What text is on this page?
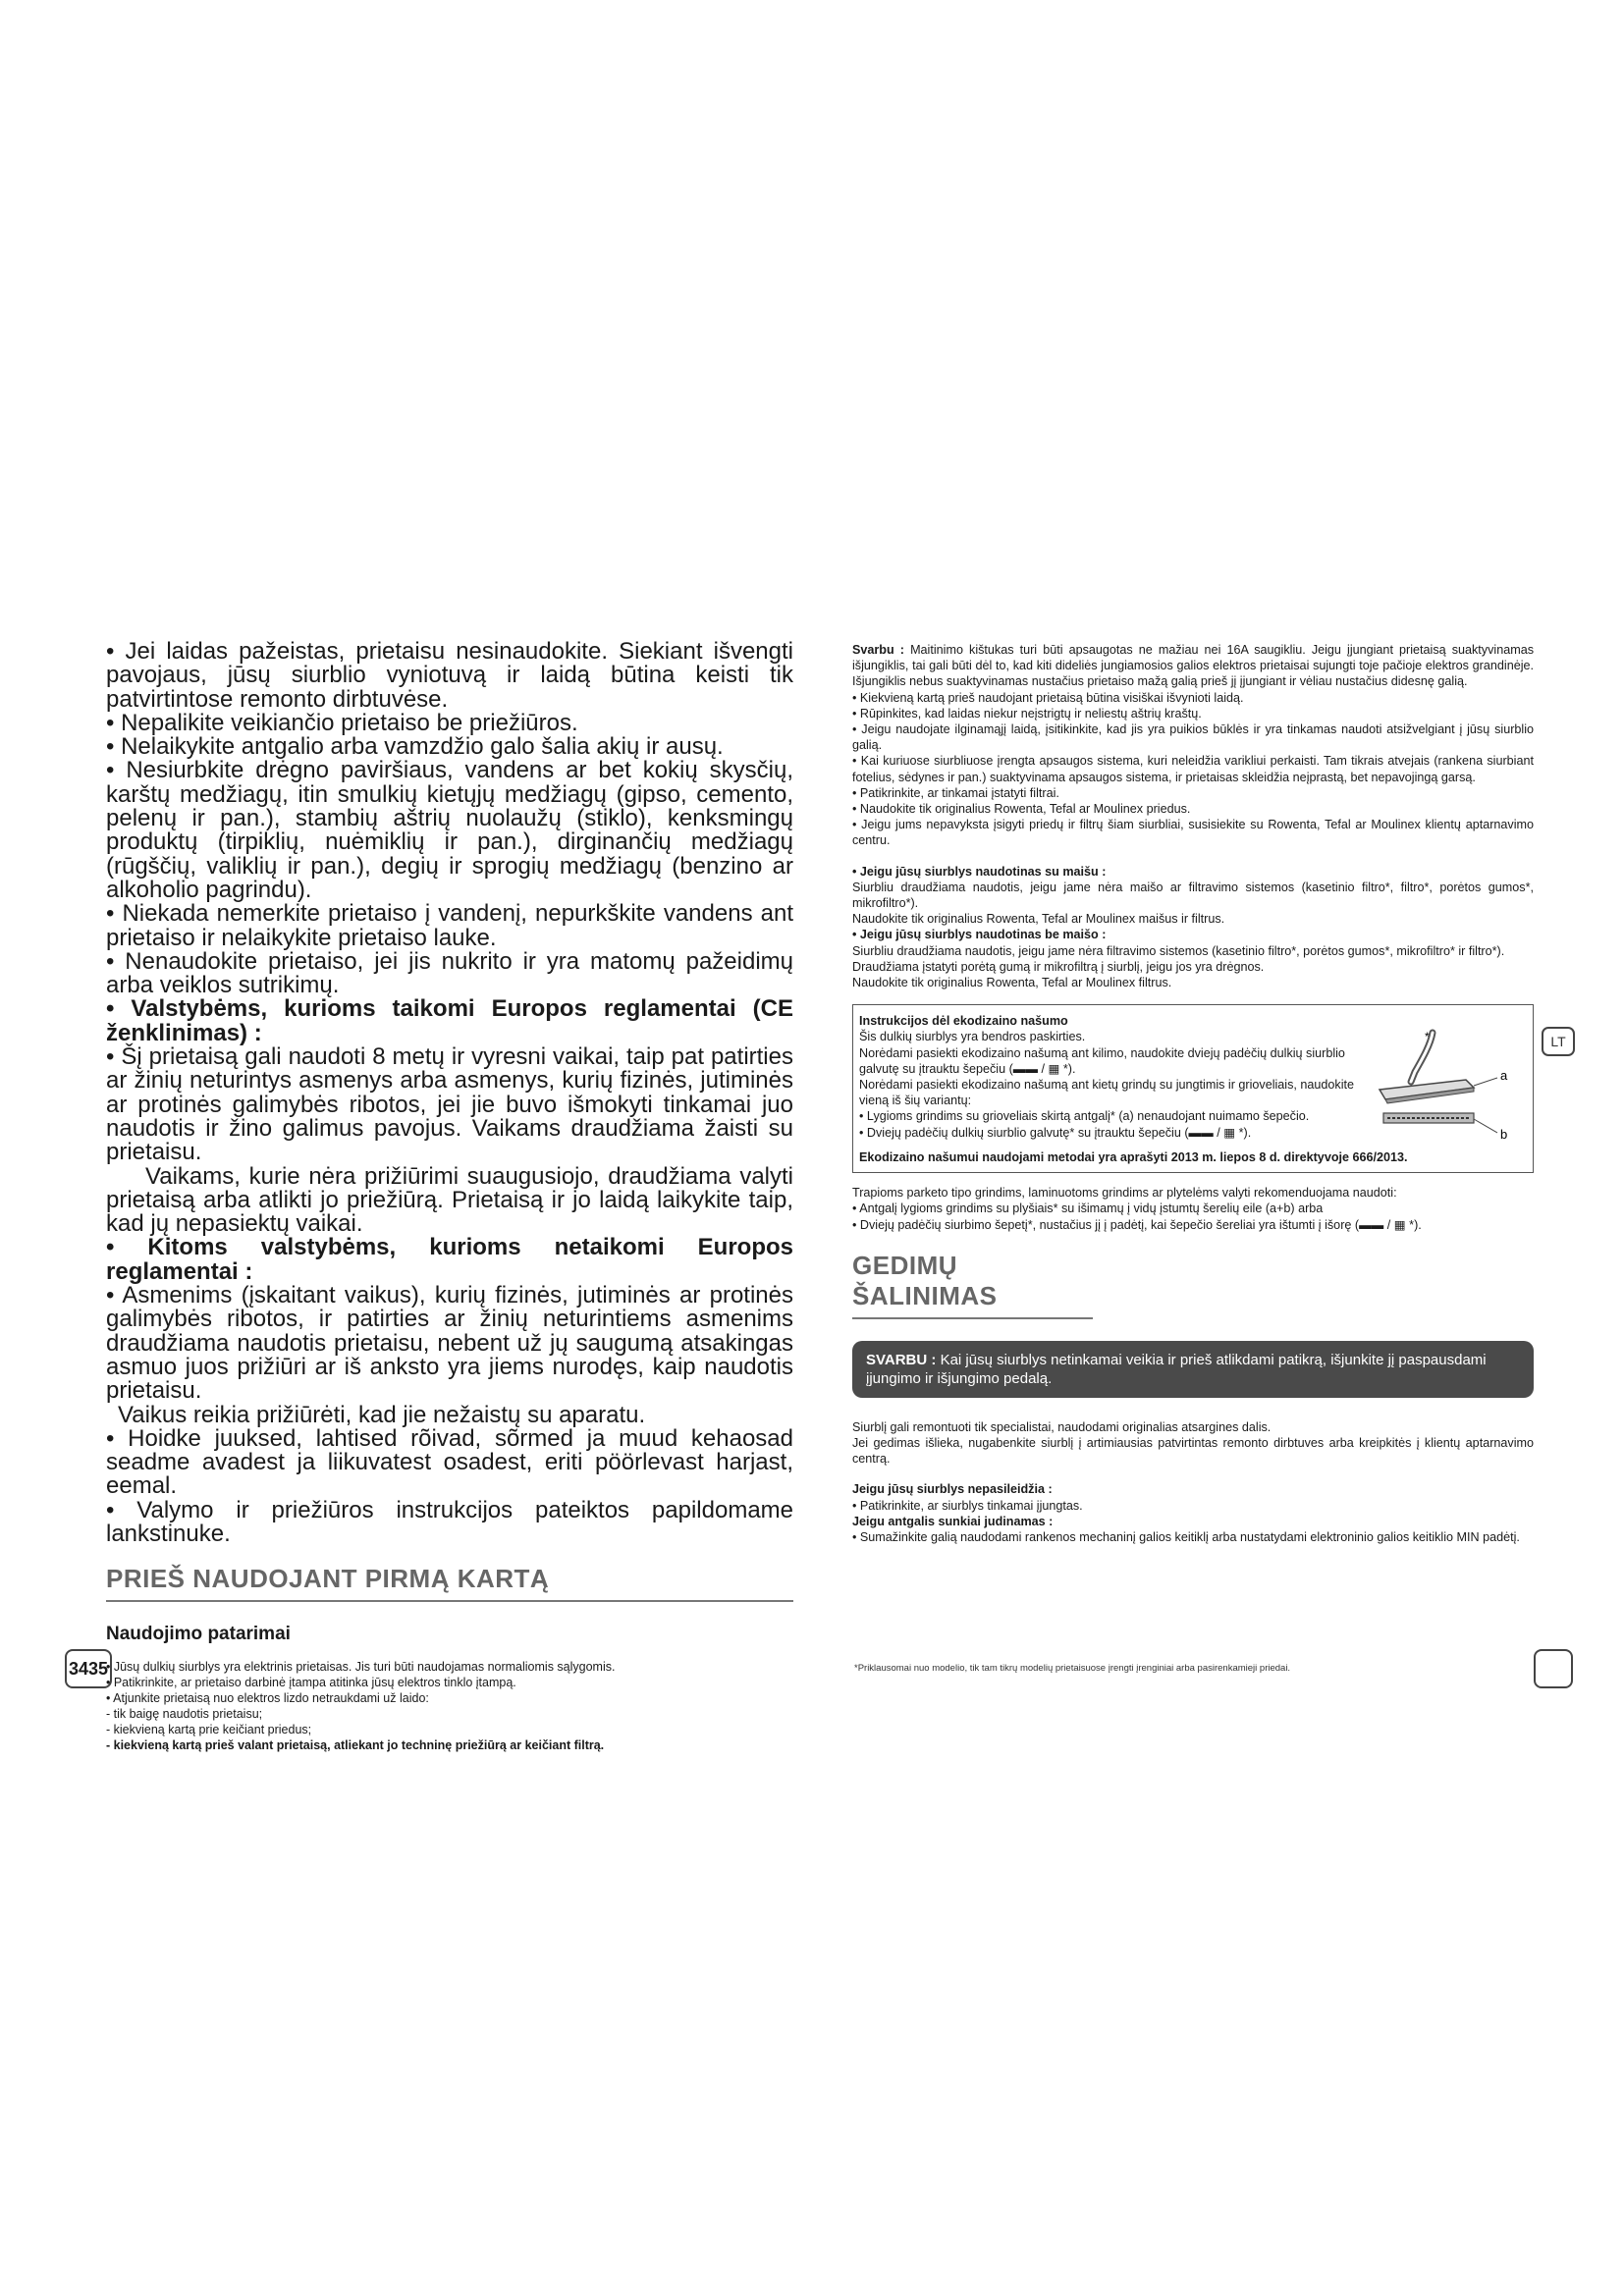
• Jei laidas pažeistas, prietaisu nesinaudokite. Siekiant išvengti pavojaus, jūsų siurblio vyniotuvą ir laidą būtina keisti tik patvirtintose remonto dirbtuvėse.

• Nepalikite veikiančio prietaiso be priežiūros.

• Nelaikykite antgalio arba vamzdžio galo šalia akių ir ausų.

• Nesiurbkite drėgno paviršiaus, vandens ar bet kokių skysčių, karštų medžiagų, itin smulkių kietųjų medžiagų (gipso, cemento, pelenų ir pan.), stambių aštrių nuolaužų (stiklo), kenksmingų produktų (tirpiklių, nuėmiklių ir pan.), dirginančių medžiagų (rūgščių, valiklių ir pan.), degių ir sprogių medžiagų (benzino ar alkoholio pagrindu).

• Niekada nemerkite prietaiso į vandenį, nepurkškite vandens ant prietaiso ir nelaikykite prietaiso lauke.

• Nenaudokite prietaiso, jei jis nukrito ir yra matomų pažeidimų arba veiklos sutrikimų.

• Valstybėms, kurioms taikomi Europos reglamentai (CE ženklinimas) :

• Šį prietaisą gali naudoti 8 metų ir vyresni vaikai, taip pat patirties ar žinių neturintys asmenys arba asmenys, kurių fizinės, jutiminės ar protinės galimybės ribotos, jei jie buvo išmokyti tinkamai juo naudotis ir žino galimus pavojus. Vaikams draudžiama žaisti su prietaisu.

Vaikams, kurie nėra prižiūrimi suaugusiojo, draudžiama valyti prietaisą arba atlikti jo priežiūrą. Prietaisą ir jo laidą laikykite taip, kad jų nepasiektų vaikai.

• Kitoms valstybėms, kurioms netaikomi Europos reglamentai :

• Asmenims (įskaitant vaikus), kurių fizinės, jutiminės ar protinės galimybės ribotos, ir patirties ar žinių neturintiems asmenims draudžiama naudotis prietaisu, nebent už jų saugumą atsakingas asmuo juos prižiūri ar iš anksto yra jiems nurodęs, kaip naudotis prietaisu.

Vaikus reikia prižiūrėti, kad jie nežaistų su aparatu.

• Hoidke juuksed, lahtised rõivad, sõrmed ja muud kehaosad seadme avadest ja liikuvatest osadest, eriti pöörlevast harjast, eemal.

• Valymo ir priežiūros instrukcijos pateiktos papildomame lankstinuke.

PRIEŠ NAUDOJANT PIRMĄ KARTĄ
Naudojimo patarimai

• Jūsų dulkių siurblys yra elektrinis prietaisas. Jis turi būti naudojamas normaliomis sąlygomis.

• Patikrinkite, ar prietaiso darbinė įtampa atitinka jūsų elektros tinklo įtampą.

• Atjunkite prietaisą nuo elektros lizdo netraukdami už laido:

- tik baigę naudotis prietaisu;

- kiekvieną kartą prie keičiant priedus;

- kiekvieną kartą prieš valant prietaisą, atliekant jo techninę priežiūrą ar keičiant filtrą.

Svarbu : Maitinimo kištukas turi būti apsaugotas ne mažiau nei 16A saugikliu. Jeigu įjungiant prietaisą suaktyvinamas išjungiklis, tai gali būti dėl to, kad kiti dideliės jungiamosios galios elektros prietaisai sujungti toje pačioje elektros grandinėje. Išjungiklis nebus suaktyvinamas nustačius prietaiso mažą galią prieš jį įjungiant ir vėliau nustačius didesnę galią.

• Kiekvieną kartą prieš naudojant prietaisą būtina visiškai išvynioti laidą.

• Rūpinkites, kad laidas niekur neįstrigtų ir neliestų aštrių kraštų.

• Jeigu naudojate ilginamąjį laidą, įsitikinkite, kad jis yra puikios būklės ir yra tinkamas naudoti atsižvelgiant į jūsų siurblio galią.

• Kai kuriuose siurbliuose įrengta apsaugos sistema, kuri neleidžia varikliui perkaisti. Tam tikrais atvejais (rankena siurbiant fotelius, sėdynes ir pan.) suaktyvinama apsaugos sistema, ir prietaisas skleidžia neįprastą, bet nepavojingą garsą.

• Patikrinkite, ar tinkamai įstatyti filtrai.

• Naudokite tik originalius Rowenta, Tefal ar Moulinex priedus.

• Jeigu jums nepavyksta įsigyti priedų ir filtrų šiam siurbliai, susisiekite su Rowenta, Tefal ar Moulinex klientų aptarnavimo centru.

• Jeigu jūsų siurblys naudotinas su maišu :

Siurbliu draudžiama naudotis, jeigu jame nėra maišo ar filtravimo sistemos (kasetinio filtro*, filtro*, porėtos gumos*, mikrofiltro*).

Naudokite tik originalius Rowenta, Tefal ar Moulinex maišus ir filtrus.

• Jeigu jūsų siurblys naudotinas be maišo :

Siurbliu draudžiama naudotis, jeigu jame nėra filtravimo sistemos (kasetinio filtro*, porėtos gumos*, mikrofiltro* ir filtro*).

Draudžiama įstatyti porėtą gumą ir mikrofiltrą į siurblį, jeigu jos yra drėgnos.

Naudokite tik originalius Rowenta, Tefal ar Moulinex filtrus.

Instrukcijos dėl ekodizaino našumo

Šis dulkių siurblys yra bendros paskirties.

Norėdami pasiekti ekodizaino našumą ant kilimo, naudokite dviejų padėčių dulkių siurblio galvutę su įtrauktu šepečiu (▬▬ / ▦ *).

Norėdami pasiekti ekodizaino našumą ant kietų grindų su jungtimis ir grioveliais, naudokite vieną iš šių variantų:

• Lygioms grindims su grioveliais skirtą antgalį* (a) nenaudojant nuimamo šepečio.

• Dviejų padėčių dulkių siurblio galvutę* su įtrauktu šepečiu (▬▬ / ▦ *).

*
a
b
Ekodizaino našumui naudojami metodai yra aprašyti 2013 m. liepos 8 d. direktyvoje 666/2013.

Trapioms parketo tipo grindims, laminuotoms grindims ar plytelėms valyti rekomenduojama naudoti:

• Antgalį lygioms grindims su plyšiais* su išimamų į vidų įstumtų šerelių eile (a+b) arba

• Dviejų padėčių siurbimo šepetį*, nustačius jį į padėtį, kai šepečio šereliai yra ištumti į išorę (▬▬ / ▦ *).

GEDIMŲ ŠALINIMAS
SVARBU : Kai jūsų siurblys netinkamai veikia ir prieš atlikdami patikrą, išjunkite jį paspausdami įjungimo ir išjungimo pedalą.

Siurblį gali remontuoti tik specialistai, naudodami originalias atsargines dalis.

Jei gedimas išlieka, nugabenkite siurblį į artimiausias patvirtintas remonto dirbtuves arba kreipkitės į klientų aptarnavimo centrą.

Jeigu jūsų siurblys nepasileidžia :

• Patikrinkite, ar siurblys tinkamai įjungtas.

Jeigu antgalis sunkiai judinamas :

• Sumažinkite galią naudodami rankenos mechaninį galios keitiklį arba nustatydami elektroninio galios keitiklio MIN padėtį.

LT
3435	*Priklausomai nuo modelio, tik tam tikrų modelių prietaisuose įrengti įrenginiai arba pasirenkamieji priedai.
